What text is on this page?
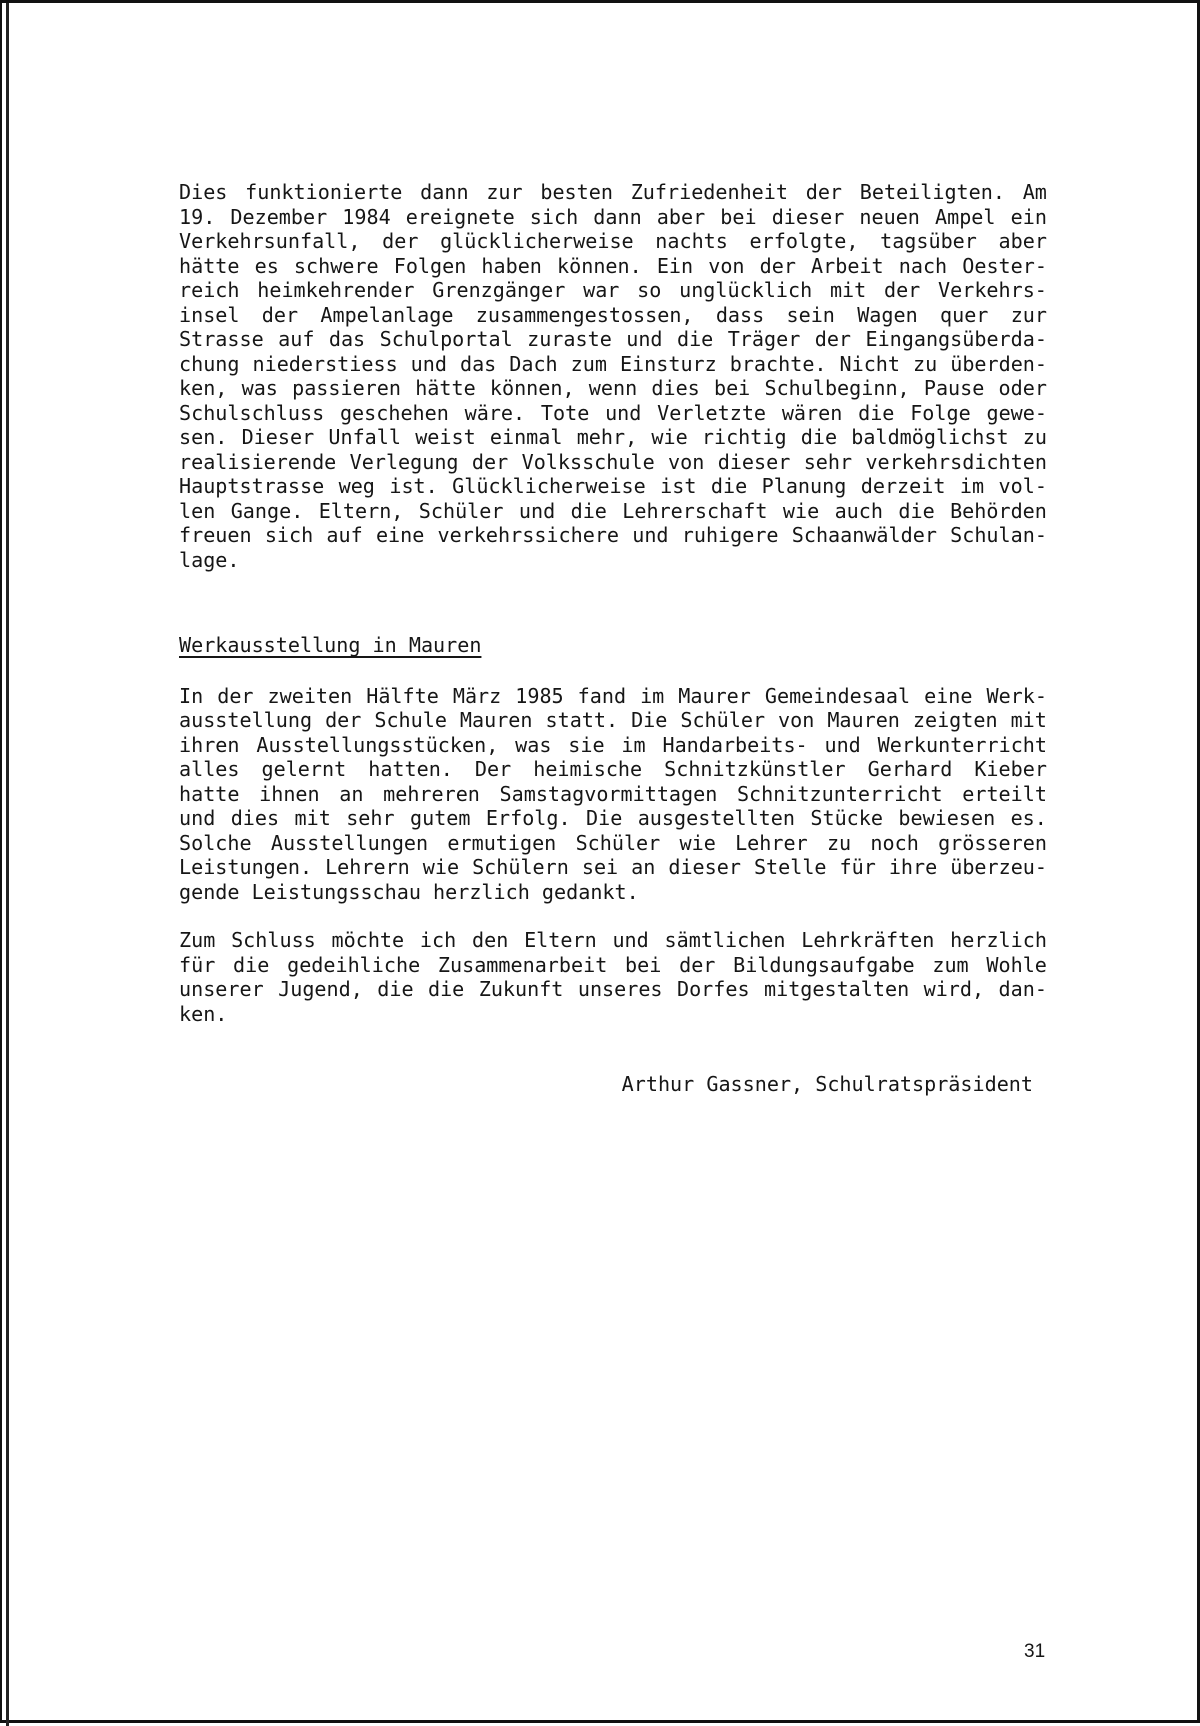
Dies funktionierte dann zur besten Zufriedenheit der Beteiligten. Am
19. Dezember 1984 ereignete sich dann aber bei dieser neuen Ampel ein
Verkehrsunfall, der glücklicherweise nachts erfolgte, tagsüber aber
hätte es schwere Folgen haben können. Ein von der Arbeit nach Oester-
reich heimkehrender Grenzgänger war so unglücklich mit der Verkehrs-
insel der Ampelanlage zusammengestossen, dass sein Wagen quer zur
Strasse auf das Schulportal zuraste und die Träger der Eingangsüberda-
chung niederstiess und das Dach zum Einsturz brachte. Nicht zu überden-
ken, was passieren hätte können, wenn dies bei Schulbeginn, Pause oder
Schulschluss geschehen wäre. Tote und Verletzte wären die Folge gewe-
sen. Dieser Unfall weist einmal mehr, wie richtig die baldmöglichst zu
realisierende Verlegung der Volksschule von dieser sehr verkehrsdichten
Hauptstrasse weg ist. Glücklicherweise ist die Planung derzeit im vol-
len Gange. Eltern, Schüler und die Lehrerschaft wie auch die Behörden
freuen sich auf eine verkehrssichere und ruhigere Schaanwälder Schulan-
lage.
Werkausstellung in Mauren
In der zweiten Hälfte März 1985 fand im Maurer Gemeindesaal eine Werk-
ausstellung der Schule Mauren statt. Die Schüler von Mauren zeigten mit
ihren Ausstellungsstücken, was sie im Handarbeits- und Werkunterricht
alles gelernt hatten. Der heimische Schnitzkünstler Gerhard Kieber
hatte ihnen an mehreren Samstagvormittagen Schnitzunterricht erteilt
und dies mit sehr gutem Erfolg. Die ausgestellten Stücke bewiesen es.
Solche Ausstellungen ermutigen Schüler wie Lehrer zu noch grösseren
Leistungen. Lehrern wie Schülern sei an dieser Stelle für ihre überzeu-
gende Leistungsschau herzlich gedankt.
Zum Schluss möchte ich den Eltern und sämtlichen Lehrkräften herzlich
für die gedeihliche Zusammenarbeit bei der Bildungsaufgabe zum Wohle
unserer Jugend, die die Zukunft unseres Dorfes mitgestalten wird, dan-
ken.
Arthur Gassner, Schulratspräsident
31
